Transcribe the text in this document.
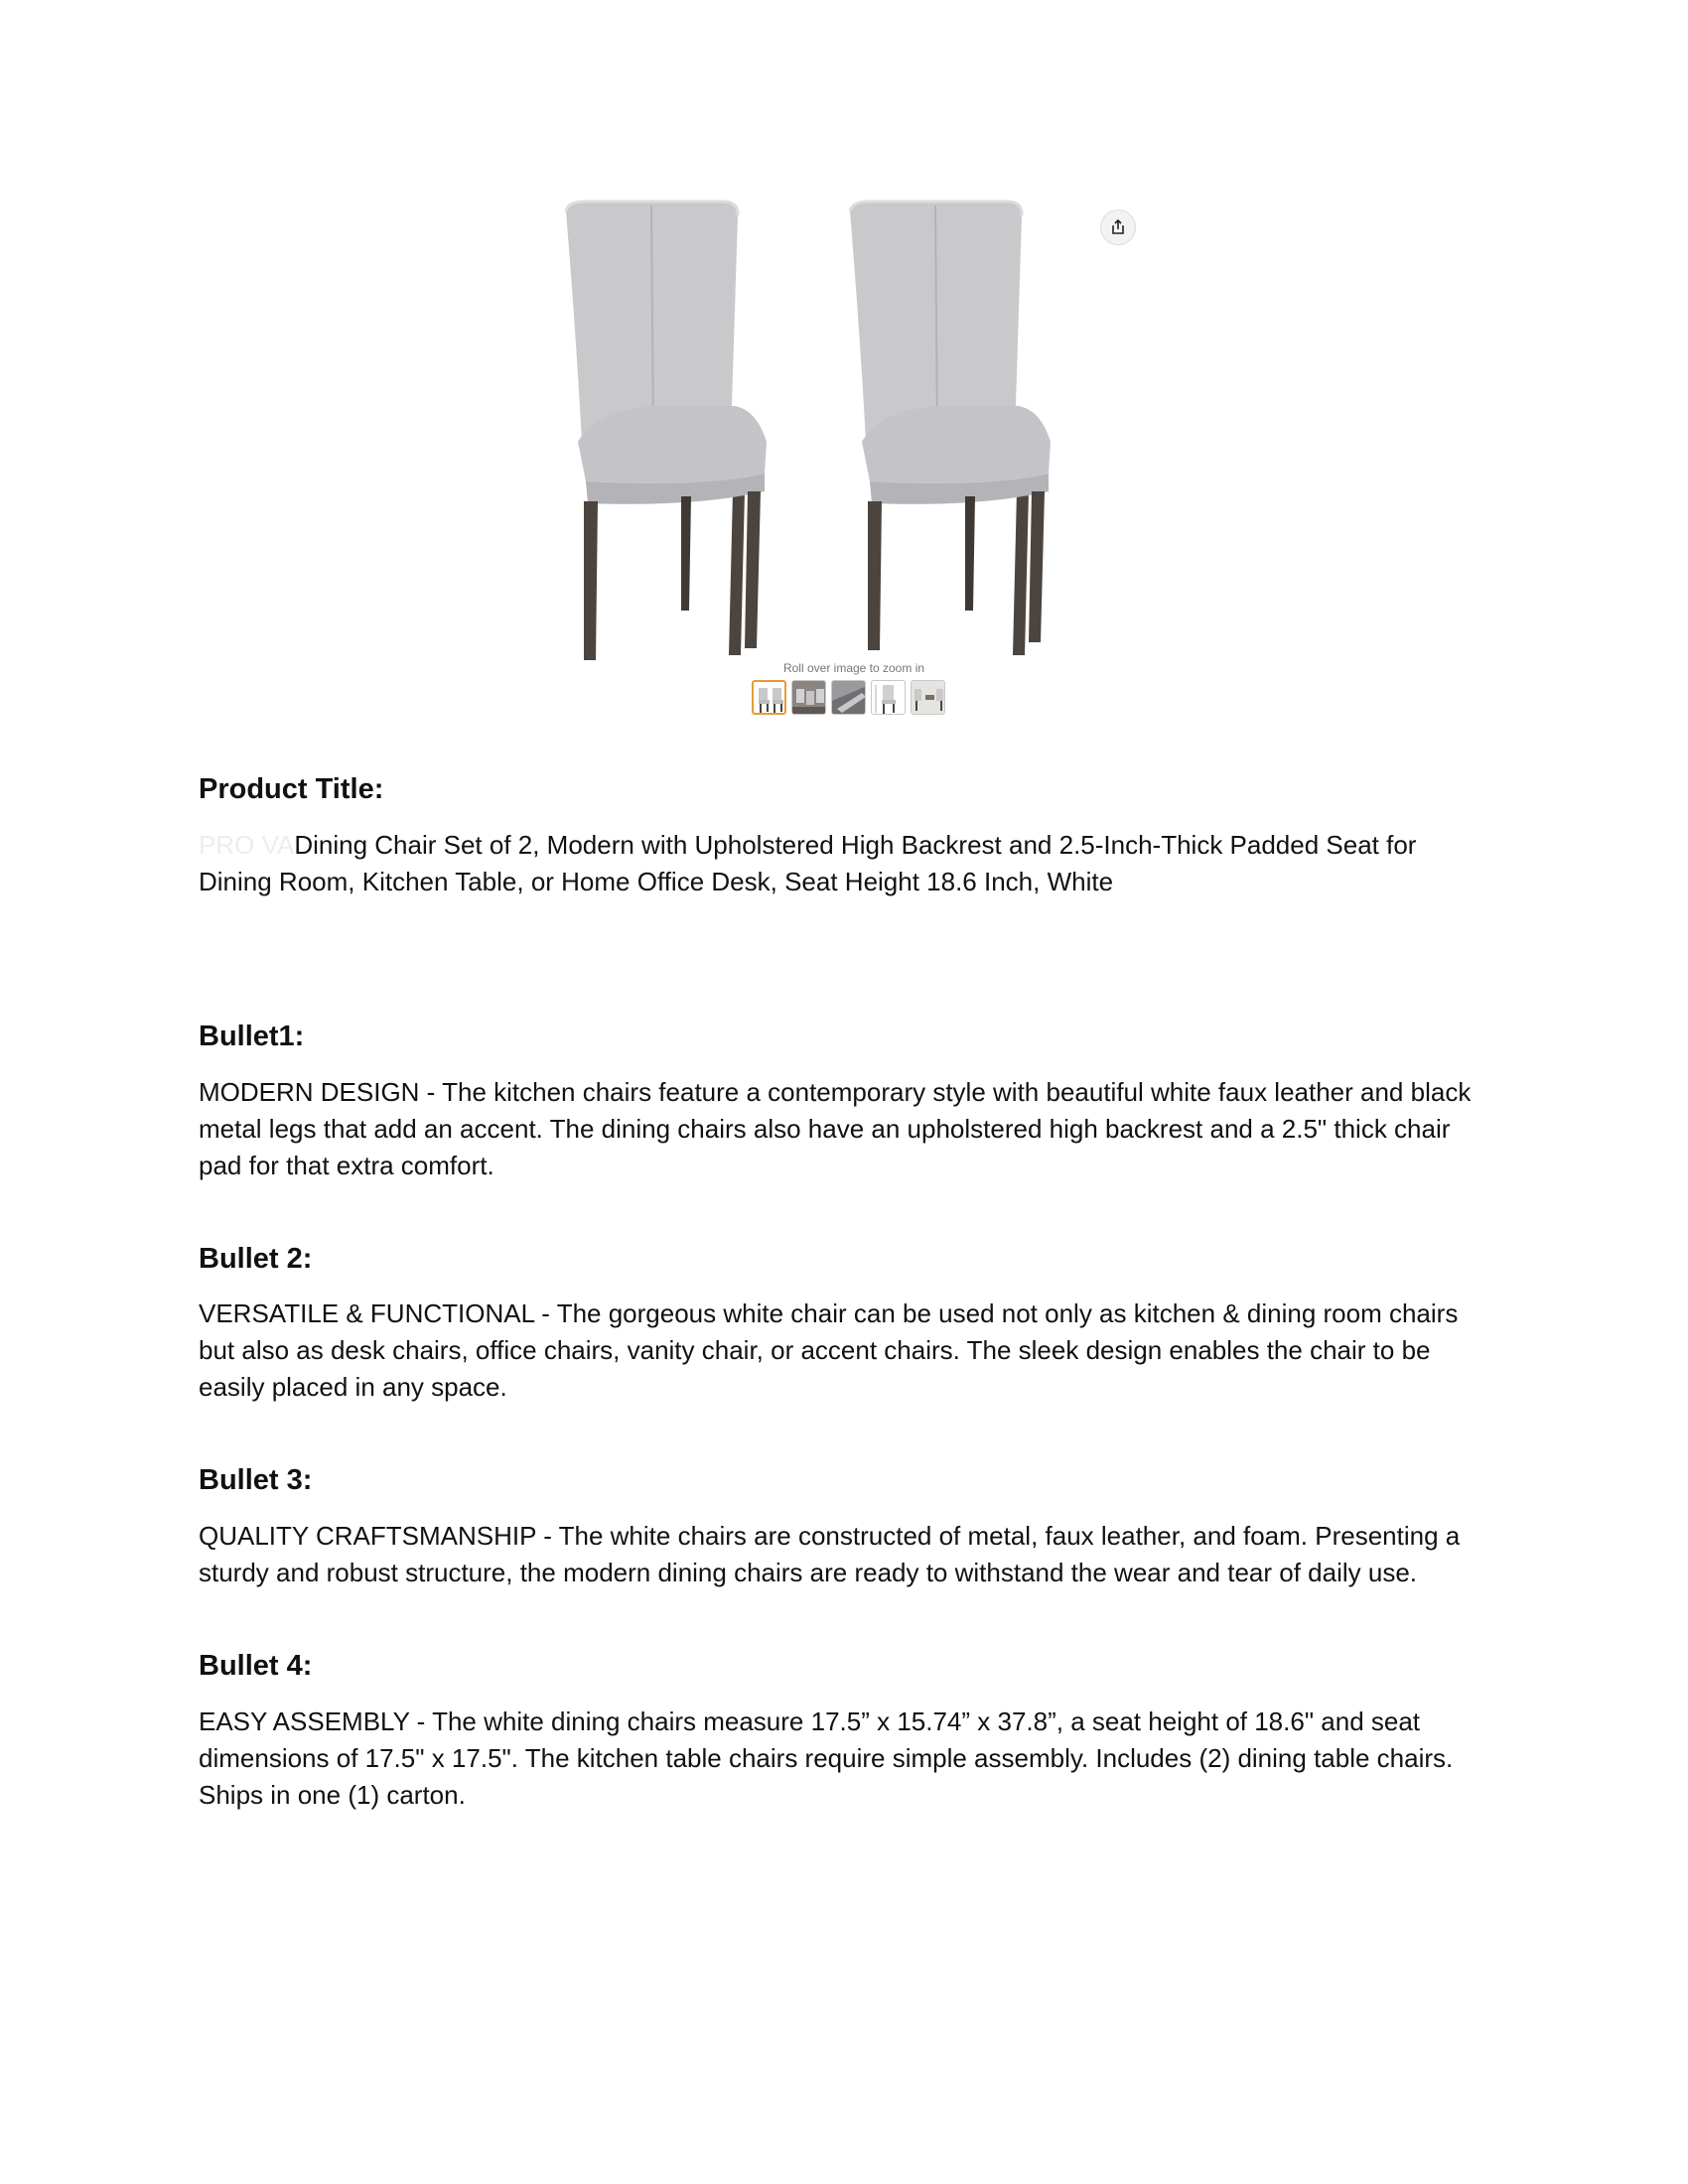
Roll over image to zoom in

Product Title:

PRO VADining Chair Set of 2, Modern with Upholstered High Backrest and 2.5-Inch-Thick Padded Seat for Dining Room, Kitchen Table, or Home Office Desk, Seat Height 18.6 Inch, White

Bullet1:

MODERN DESIGN - The kitchen chairs feature a contemporary style with beautiful white faux leather and black metal legs that add an accent. The dining chairs also have an upholstered high backrest and a 2.5" thick chair pad for that extra comfort.

Bullet 2:

VERSATILE & FUNCTIONAL - The gorgeous white chair can be used not only as kitchen & dining room chairs but also as desk chairs, office chairs, vanity chair, or accent chairs. The sleek design enables the chair to be easily placed in any space.

Bullet 3:

QUALITY CRAFTSMANSHIP - The white chairs are constructed of metal, faux leather, and foam. Presenting a sturdy and robust structure, the modern dining chairs are ready to withstand the wear and tear of daily use.

Bullet 4:

EASY ASSEMBLY - The white dining chairs measure 17.5” x 15.74” x 37.8”, a seat height of 18.6" and seat dimensions of 17.5" x 17.5". The kitchen table chairs require simple assembly. Includes (2) dining table chairs. Ships in one (1) carton.
